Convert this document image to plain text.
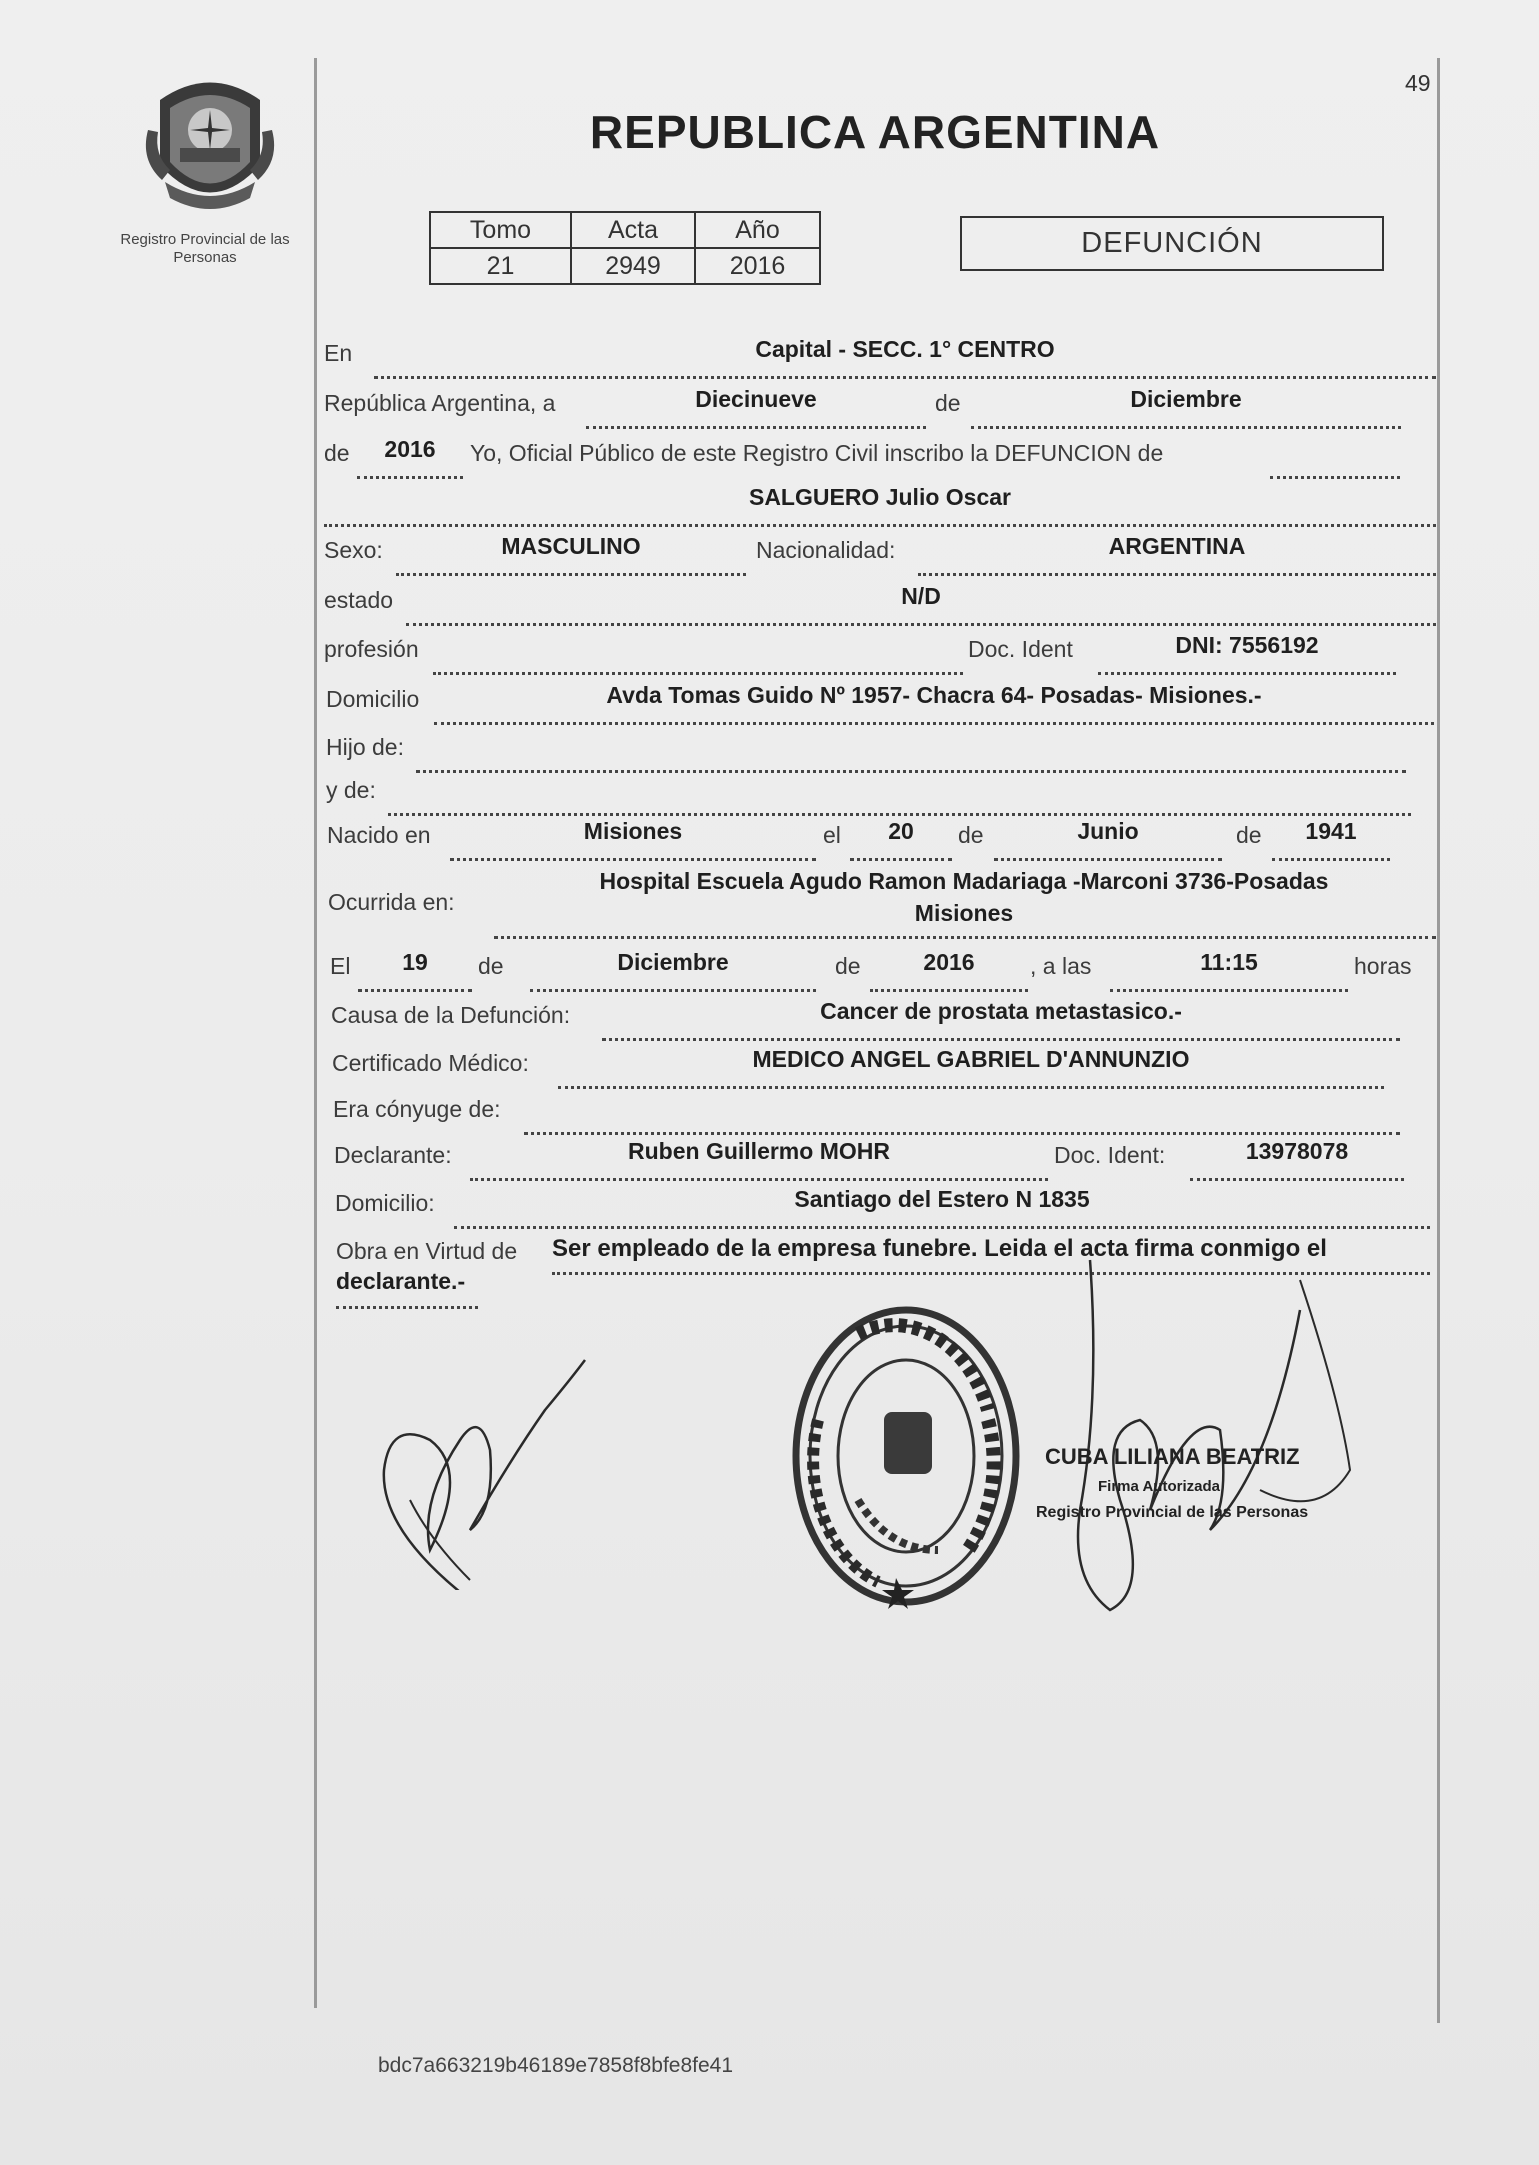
49
Registro Provincial de las Personas
REPUBLICA ARGENTINA
Tomo	Acta	Año
21	2949	2016
DEFUNCIÓN
En	Capital - SECC. 1° CENTRO
República Argentina, a	Diecinueve	de	Diciembre
de	2016	Yo, Oficial Público de este Registro Civil inscribo la DEFUNCION de
SALGUERO Julio Oscar
Sexo:	MASCULINO	Nacionalidad:	ARGENTINA
estado	N/D
profesión	Doc. Ident	DNI: 7556192
Domicilio	Avda Tomas Guido Nº 1957- Chacra 64- Posadas- Misiones.-
Hijo de:
y de:
Nacido en	Misiones	el	20	de	Junio	de	1941
Ocurrida en:
Hospital Escuela Agudo Ramon Madariaga -Marconi 3736-Posadas
Misiones
El	19	de	Diciembre	de	2016	, a las	11:15	horas
Causa de la Defunción:	Cancer de prostata metastasico.-
Certificado Médico:	MEDICO ANGEL GABRIEL D'ANNUNZIO
Era cónyuge de:
Declarante:	Ruben Guillermo MOHR	Doc. Ident:	13978078
Domicilio:	Santiago del Estero N 1835
Obra en Virtud de Ser empleado de la empresa funebre. Leida el acta firma conmigo el
declarante.-
CUBA LILIANA BEATRIZ
Firma Autorizada
Registro Provincial de las Personas
bdc7a663219b46189e7858f8bfe8fe41
